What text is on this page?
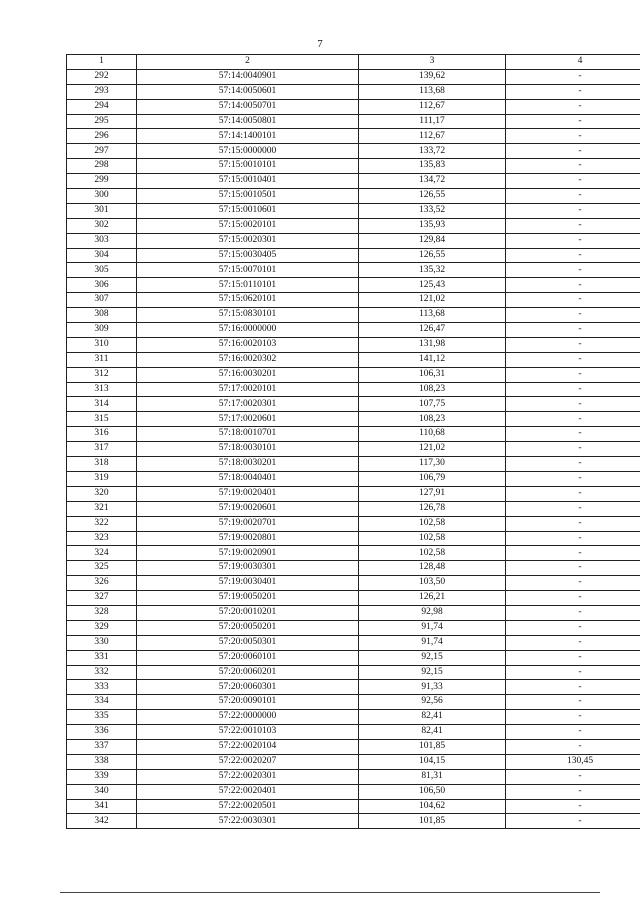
7
1	2	3	4
292	57:14:0040901	139,62	-
293	57:14:0050601	113,68	-
294	57:14:0050701	112,67	-
295	57:14:0050801	111,17	-
296	57:14:1400101	112,67	-
297	57:15:0000000	133,72	-
298	57:15:0010101	135,83	-
299	57:15:0010401	134,72	-
300	57:15:0010501	126,55	-
301	57:15:0010601	133,52	-
302	57:15:0020101	135,93	-
303	57:15:0020301	129,84	-
304	57:15:0030405	126,55	-
305	57:15:0070101	135,32	-
306	57:15:0110101	125,43	-
307	57:15:0620101	121,02	-
308	57:15:0830101	113,68	-
309	57:16:0000000	126,47	-
310	57:16:0020103	131,98	-
311	57:16:0020302	141,12	-
312	57:16:0030201	106,31	-
313	57:17:0020101	108,23	-
314	57:17:0020301	107,75	-
315	57:17:0020601	108,23	-
316	57:18:0010701	110,68	-
317	57:18:0030101	121,02	-
318	57:18:0030201	117,30	-
319	57:18:0040401	106,79	-
320	57:19:0020401	127,91	-
321	57:19:0020601	126,78	-
322	57:19:0020701	102,58	-
323	57:19:0020801	102,58	-
324	57:19:0020901	102,58	-
325	57:19:0030301	128,48	-
326	57:19:0030401	103,50	-
327	57:19:0050201	126,21	-
328	57:20:0010201	92,98	-
329	57:20:0050201	91,74	-
330	57:20:0050301	91,74	-
331	57:20:0060101	92,15	-
332	57:20:0060201	92,15	-
333	57:20:0060301	91,33	-
334	57:20:0090101	92,56	-
335	57:22:0000000	82,41	-
336	57:22:0010103	82,41	-
337	57:22:0020104	101,85	-
338	57:22:0020207	104,15	130,45
339	57:22:0020301	81,31	-
340	57:22:0020401	106,50	-
341	57:22:0020501	104,62	-
342	57:22:0030301	101,85	-
